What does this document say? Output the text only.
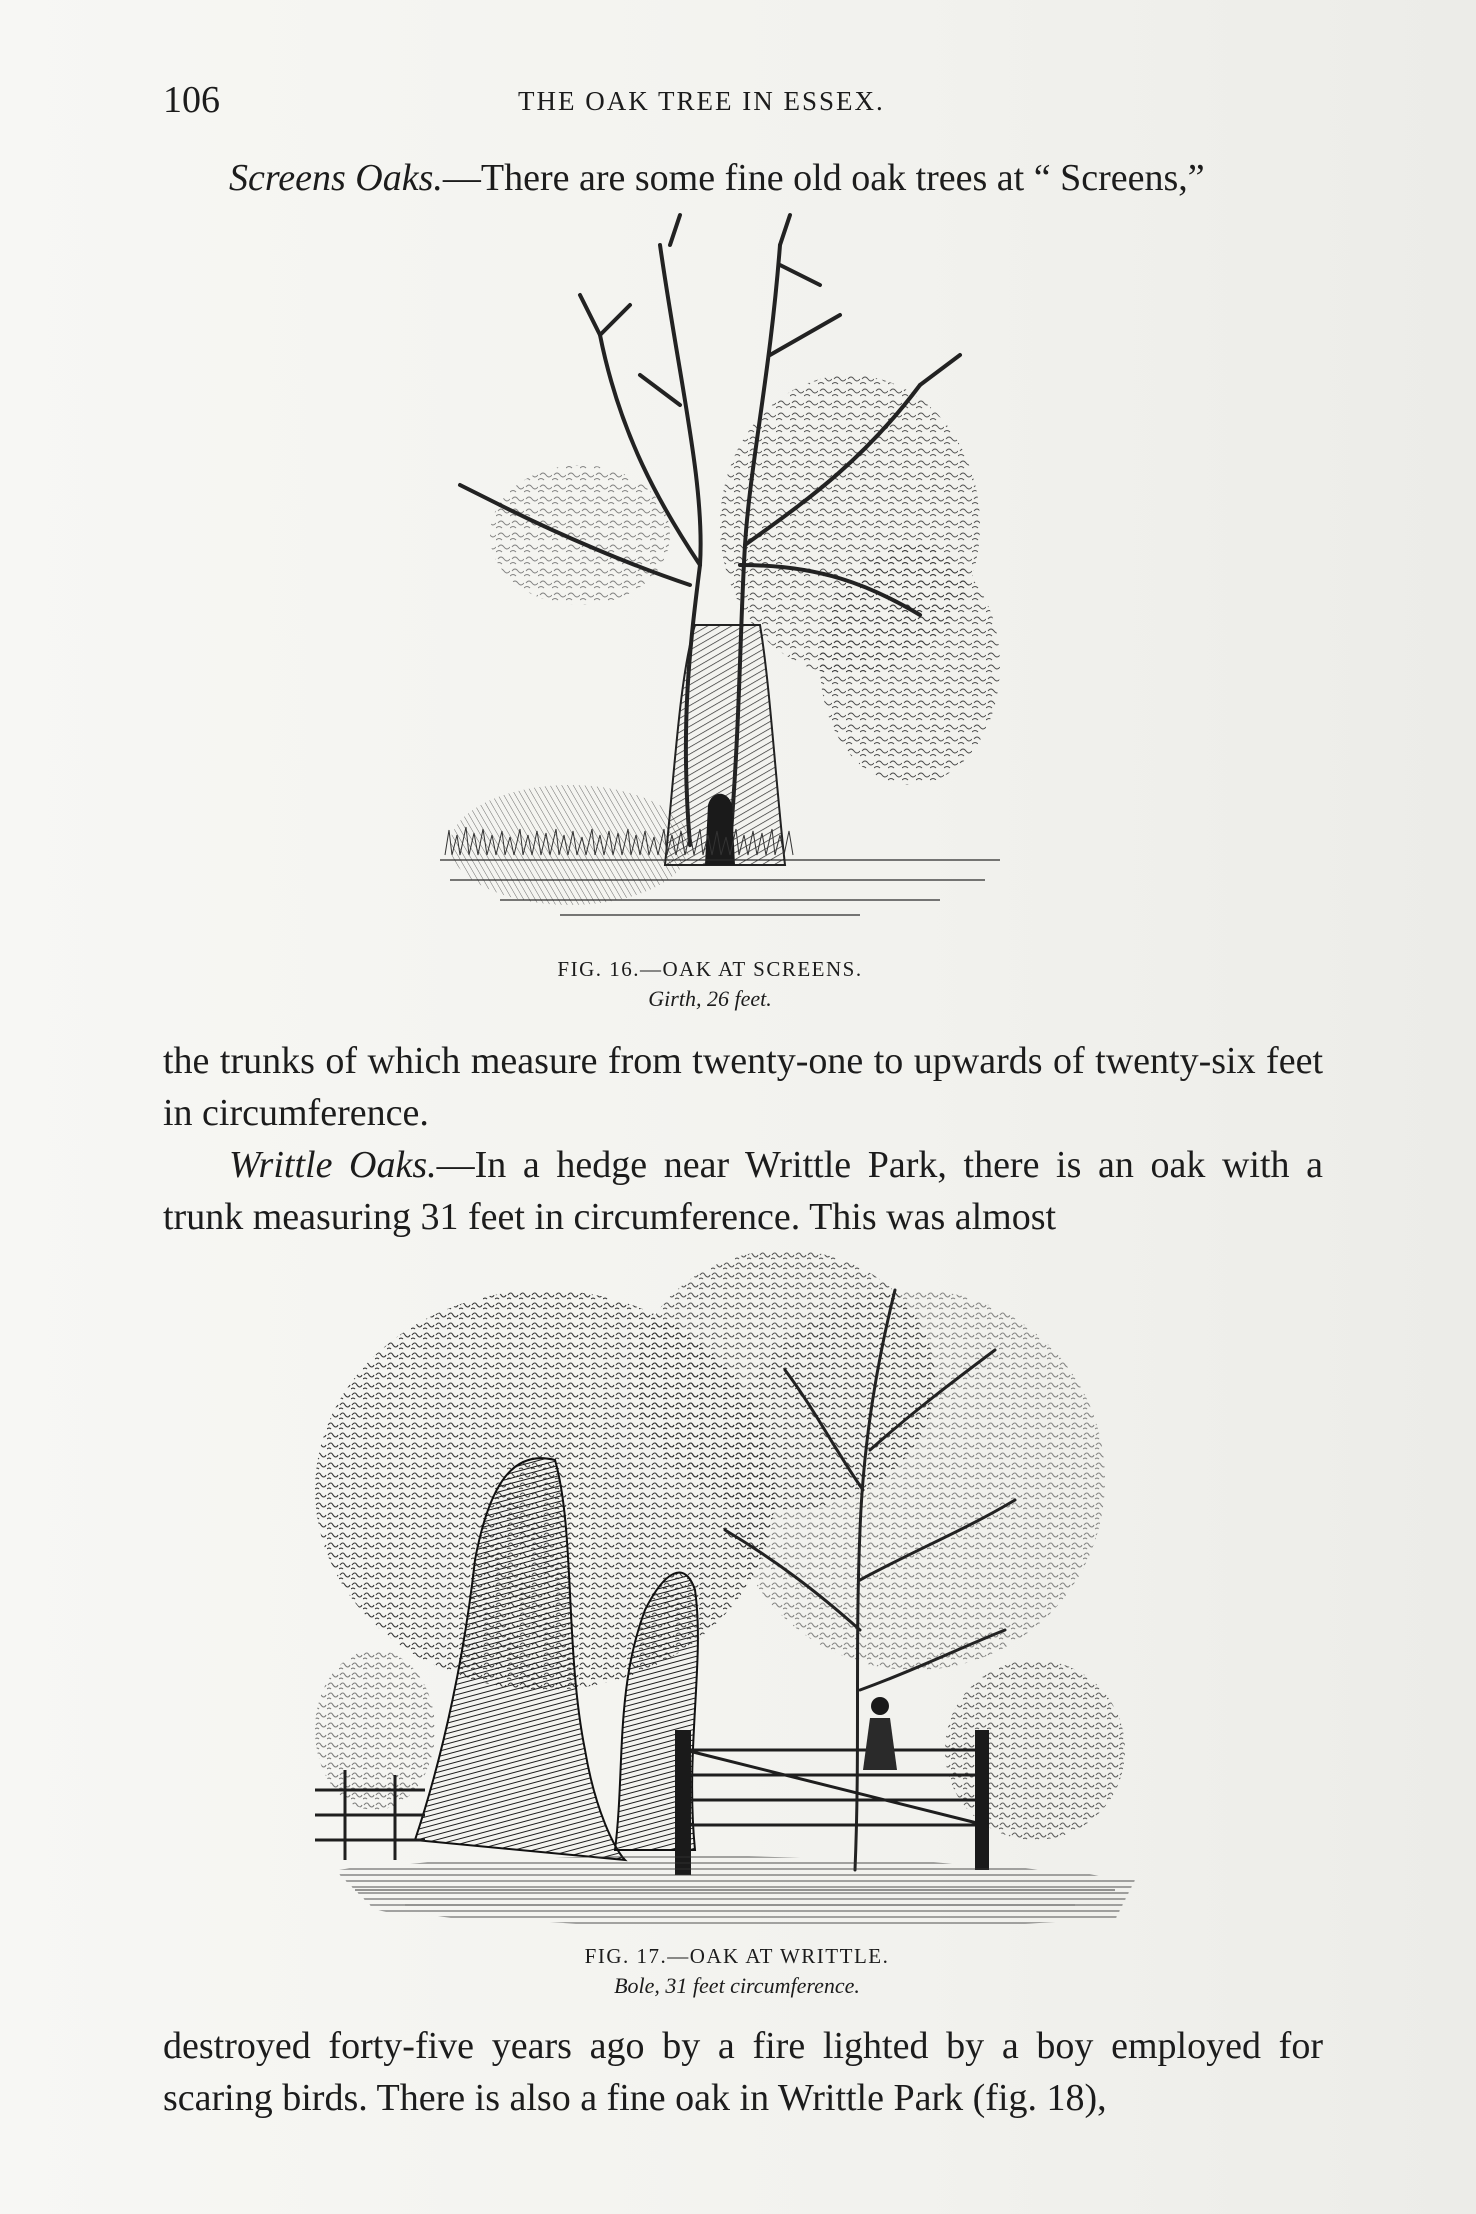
106	THE OAK TREE IN ESSEX.

Screens Oaks.—There are some fine old oak trees at “ Screens,”

FIG. 16.—OAK AT SCREENS.
Girth, 26 feet.

the trunks of which measure from twenty-one to upwards of twenty-six feet in circumference.

Writtle Oaks.—In a hedge near Writtle Park, there is an oak with a trunk measuring 31 feet in circumference. This was almost

FIG. 17.—OAK AT WRITTLE.
Bole, 31 feet circumference.

destroyed forty-five years ago by a fire lighted by a boy employed for scaring birds. There is also a fine oak in Writtle Park (fig. 18),
